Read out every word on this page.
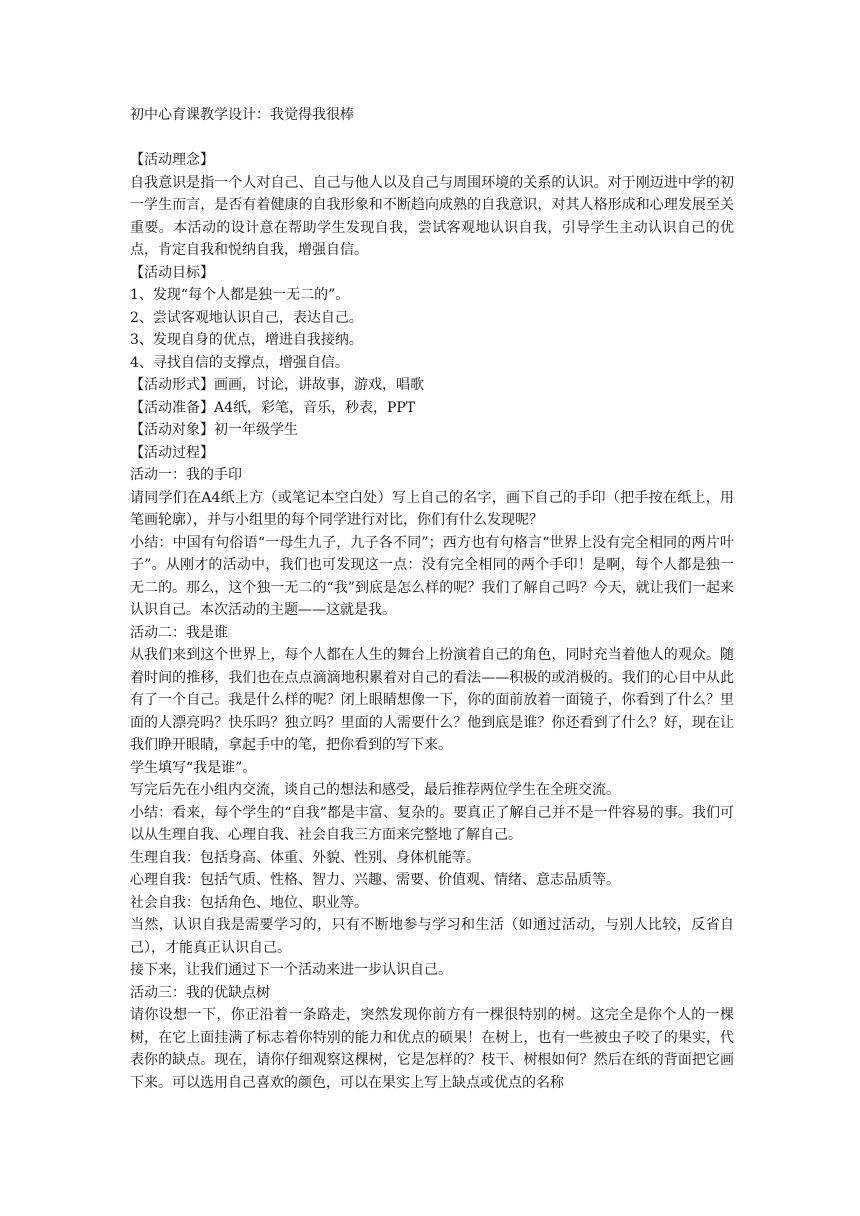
初中心育课教学设计：我觉得我很棒

【活动理念】

自我意识是指一个人对自己、自己与他人以及自己与周围环境的关系的认识。对于刚迈进中学的初一学生而言，是否有着健康的自我形象和不断趋向成熟的自我意识，对其人格形成和心理发展至关重要。本活动的设计意在帮助学生发现自我，尝试客观地认识自我，引导学生主动认识自己的优点，肯定自我和悦纳自我，增强自信。

【活动目标】

1、发现“每个人都是独一无二的”。

2、尝试客观地认识自己，表达自己。

3、发现自身的优点，增进自我接纳。

4、寻找自信的支撑点，增强自信。

【活动形式】画画，讨论，讲故事，游戏，唱歌

【活动准备】A4纸，彩笔，音乐，秒表，PPT

【活动对象】初一年级学生

【活动过程】

活动一：我的手印

请同学们在A4纸上方（或笔记本空白处）写上自己的名字，画下自己的手印（把手按在纸上，用笔画轮廓），并与小组里的每个同学进行对比，你们有什么发现呢？

小结：中国有句俗语“一母生九子，九子各不同”；西方也有句格言“世界上没有完全相同的两片叶子”。从刚才的活动中，我们也可发现这一点：没有完全相同的两个手印！是啊，每个人都是独一无二的。那么，这个独一无二的“我”到底是怎么样的呢？我们了解自己吗？今天，就让我们一起来认识自己。本次活动的主题——这就是我。

活动二：我是谁

从我们来到这个世界上，每个人都在人生的舞台上扮演着自己的角色，同时充当着他人的观众。随着时间的推移，我们也在点点滴滴地积累着对自己的看法——积极的或消极的。我们的心目中从此有了一个自己。我是什么样的呢？闭上眼睛想像一下，你的面前放着一面镜子，你看到了什么？里面的人漂亮吗？快乐吗？独立吗？里面的人需要什么？他到底是谁？你还看到了什么？好，现在让我们睁开眼睛，拿起手中的笔，把你看到的写下来。

学生填写“我是谁”。

写完后先在小组内交流，谈自己的想法和感受，最后推荐两位学生在全班交流。

小结：看来，每个学生的“自我”都是丰富、复杂的。要真正了解自己并不是一件容易的事。我们可以从生理自我、心理自我、社会自我三方面来完整地了解自己。

生理自我：包括身高、体重、外貌、性别、身体机能等。

心理自我：包括气质、性格、智力、兴趣、需要、价值观、情绪、意志品质等。

社会自我：包括角色、地位、职业等。

当然，认识自我是需要学习的，只有不断地参与学习和生活（如通过活动，与别人比较，反省自己），才能真正认识自己。

接下来，让我们通过下一个活动来进一步认识自己。

活动三：我的优缺点树

请你设想一下，你正沿着一条路走，突然发现你前方有一棵很特别的树。这完全是你个人的一棵树，在它上面挂满了标志着你特别的能力和优点的硕果！在树上，也有一些被虫子咬了的果实，代表你的缺点。现在，请你仔细观察这棵树，它是怎样的？枝干、树根如何？然后在纸的背面把它画下来。可以选用自己喜欢的颜色，可以在果实上写上缺点或优点的名称
